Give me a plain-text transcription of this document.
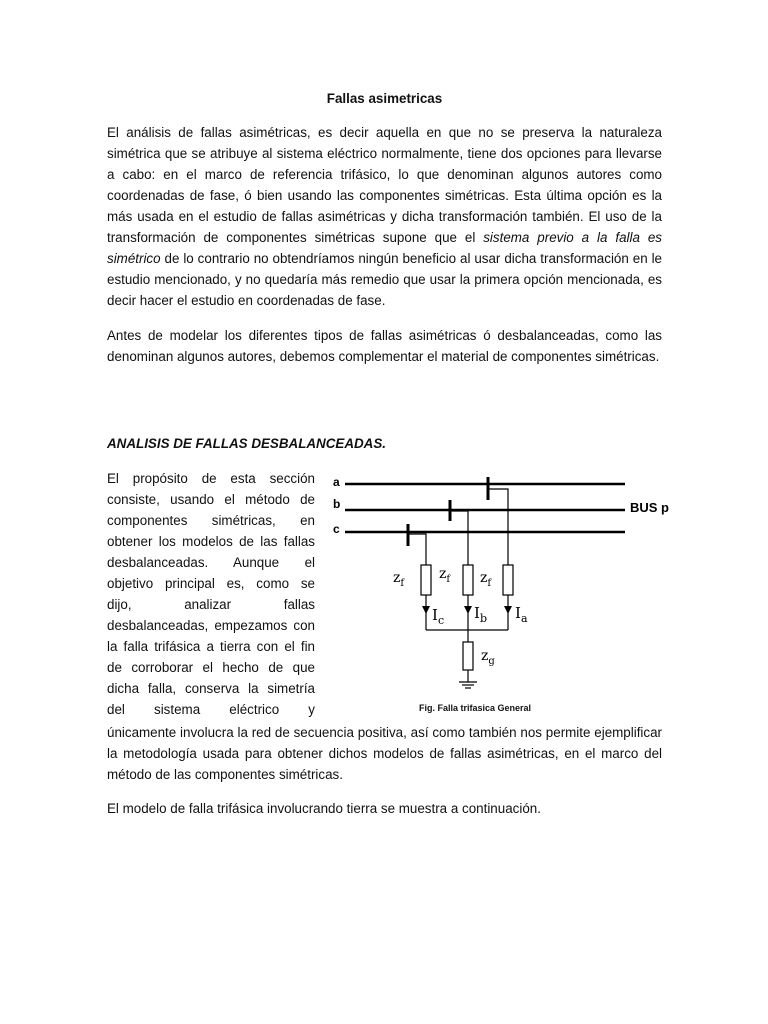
Fallas asimetricas

El análisis de fallas asimétricas, es decir aquella en que no se preserva la naturaleza simétrica que se atribuye al sistema eléctrico normalmente, tiene dos opciones para llevarse a cabo: en el marco de referencia trifásico, lo que denominan algunos autores como coordenadas de fase, ó bien usando las componentes simétricas. Esta última opción es la más usada en el estudio de fallas asimétricas y dicha transformación también. El uso de la transformación de componentes simétricas supone que el sistema previo a la falla es simétrico de lo contrario no obtendríamos ningún beneficio al usar dicha transformación en le estudio mencionado, y no quedaría más remedio que usar la primera opción mencionada, es decir hacer el estudio en coordenadas de fase.

Antes de modelar los diferentes tipos de fallas asimétricas ó desbalanceadas, como las denominan algunos autores, debemos complementar el material de componentes simétricas.

ANALISIS DE FALLAS DESBALANCEADAS.
El propósito de esta sección
consiste, usando el método de
componentes simétricas, en
obtener los modelos de las fallas
desbalanceadas. Aunque el
objetivo principal es, como se
dijo, analizar fallas
desbalanceadas, empezamos con
la falla trifásica a tierra con el fin
de corroborar el hecho de que
dicha falla, conserva la simetría
del sistema eléctrico y

únicamente involucra la red de secuencia positiva, así como también nos permite ejemplificar la metodología usada para obtener dichos modelos de fallas asimétricas, en el marco del método de las componentes simétricas.

El modelo de falla trifásica involucrando tierra se muestra a continuación.

a
b
c
BUS p
$z_f$
$z_f$ $z_f$
$I_c$ $I_b$ $I_a$
$z_g$
Fig. Falla trifasica General
